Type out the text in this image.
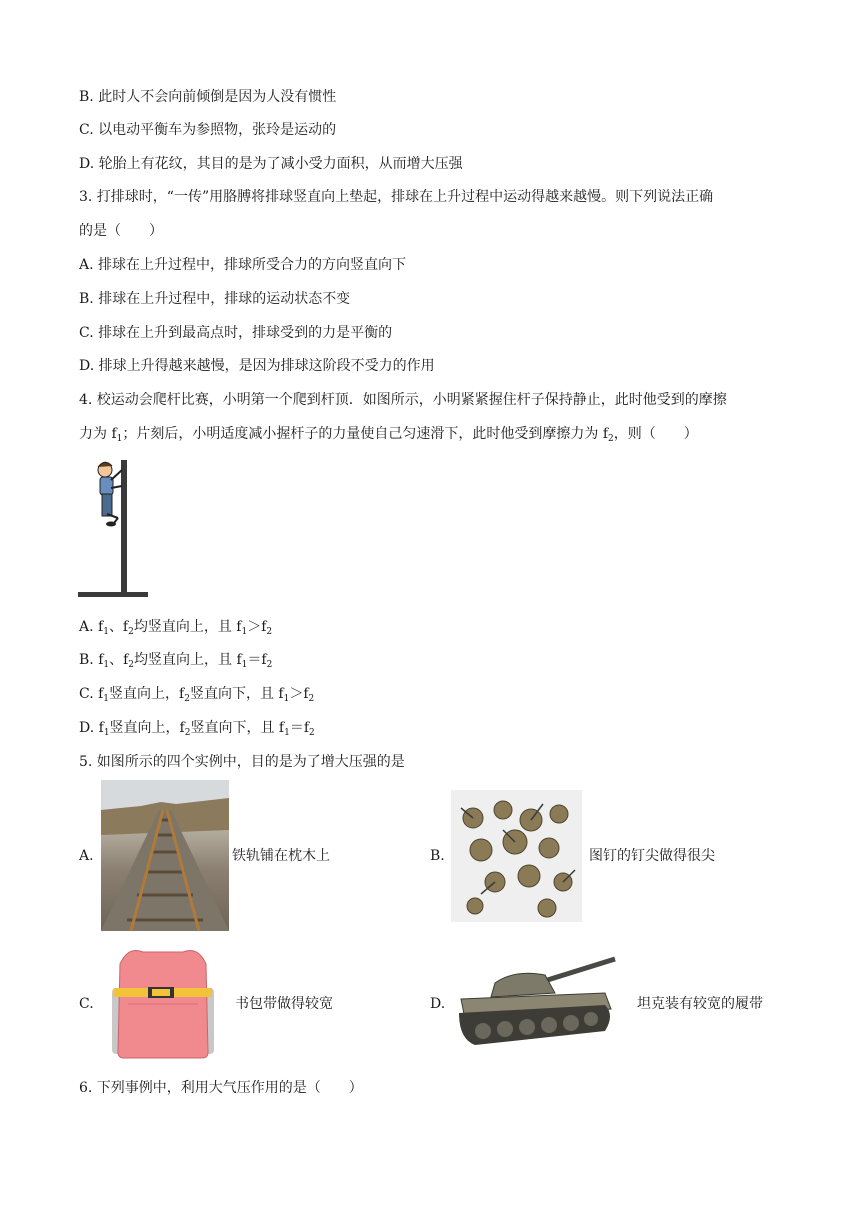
B. 此时人不会向前倾倒是因为人没有惯性
C. 以电动平衡车为参照物，张玲是运动的
D. 轮胎上有花纹，其目的是为了减小受力面积，从而增大压强
3. 打排球时，“一传”用胳膊将排球竖直向上垫起，排球在上升过程中运动得越来越慢。则下列说法正确
的是（　　）
A. 排球在上升过程中，排球所受合力的方向竖直向下
B. 排球在上升过程中，排球的运动状态不变
C. 排球在上升到最高点时，排球受到的力是平衡的
D. 排球上升得越来越慢，是因为排球这阶段不受力的作用
4. 校运动会爬杆比赛，小明第一个爬到杆顶．如图所示，小明紧紧握住杆子保持静止，此时他受到的摩擦
力为 $f_1$；片刻后，小明适度减小握杆子的力量使自己匀速滑下，此时他受到摩擦力为 $f_2$，则（　　）
A. $f_1$、$f_2$均竖直向上，且 $f_1>f_2$
B. $f_1$、$f_2$均竖直向上，且 $f_1=f_2$
C. $f_1$竖直向上，$f_2$竖直向下，且 $f_1>f_2$
D. $f_1$竖直向上，$f_2$竖直向下，且 $f_1=f_2$
5. 如图所示的四个实例中，目的是为了增大压强的是
A.	铁轨铺在枕木上	B.	图钉的钉尖做得很尖
C.	书包带做得较宽	D.	坦克装有较宽的履带
6. 下列事例中，利用大气压作用的是（　　）
